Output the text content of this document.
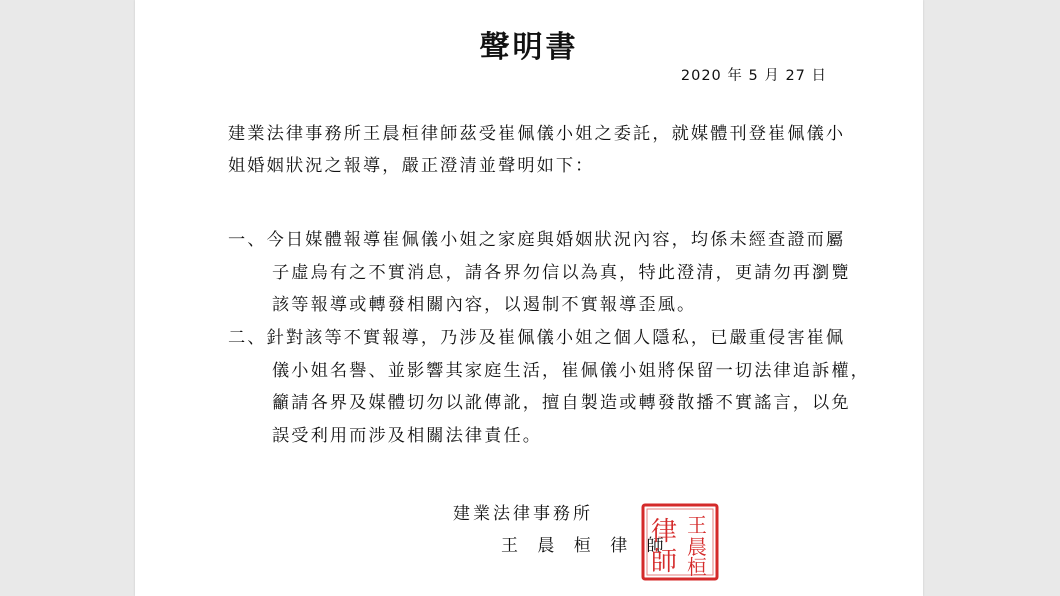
聲明書
2020 年 5 月 27 日
建業法律事務所王晨桓律師茲受崔佩儀小姐之委託，就媒體刊登崔佩儀小
姐婚姻狀況之報導，嚴正澄清並聲明如下：
一、今日媒體報導崔佩儀小姐之家庭與婚姻狀況內容，均係未經查證而屬
子虛烏有之不實消息，請各界勿信以為真，特此澄清，更請勿再瀏覽
該等報導或轉發相關內容，以遏制不實報導歪風。
二、針對該等不實報導，乃涉及崔佩儀小姐之個人隱私，已嚴重侵害崔佩
儀小姐名譽、並影響其家庭生活，崔佩儀小姐將保留一切法律追訴權，
籲請各界及媒體切勿以訛傳訛，擅自製造或轉發散播不實謠言，以免
誤受利用而涉及相關法律責任。
建業法律事務所
王 晨 桓 律 師
王
晨
桓
律
師
